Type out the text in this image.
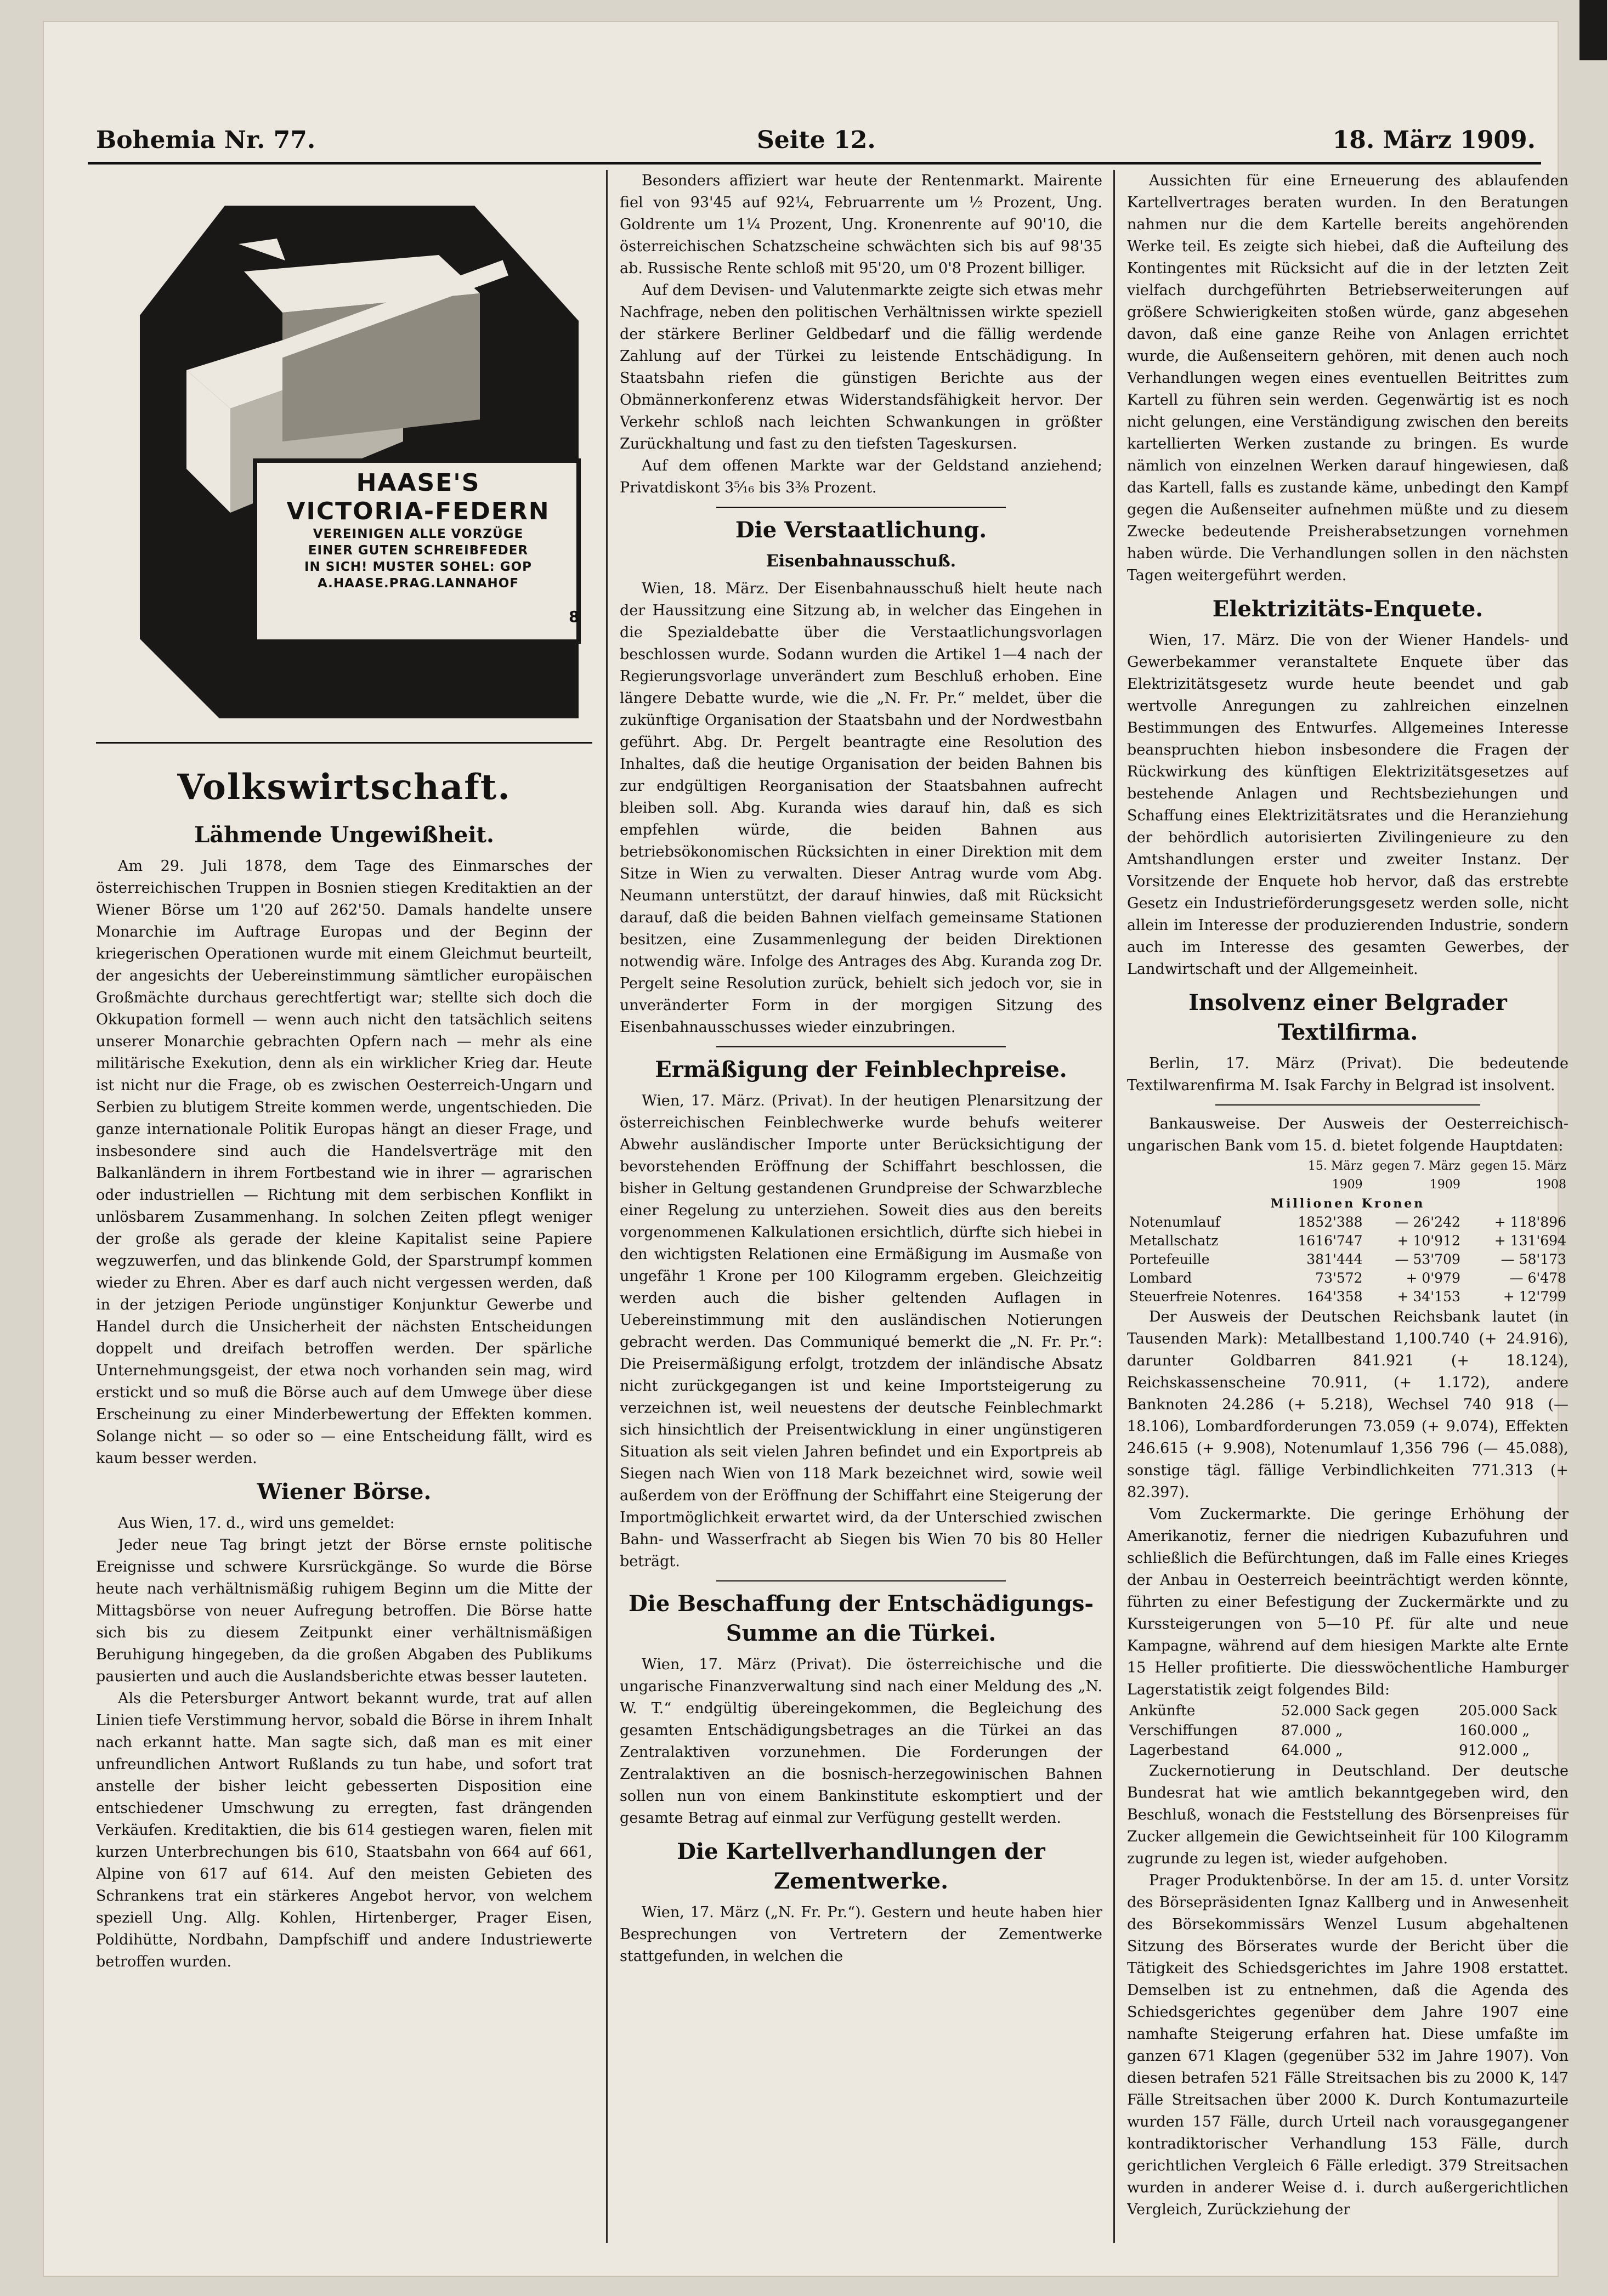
Bohemia Nr. 77.	Seite 12.	18. März 1909.
HAASE'S
VICTORIA-FEDERN
VEREINIGEN ALLE VORZÜGE
EINER GUTEN SCHREIBFEDER
IN SICH! MUSTER SOHEL: GOP
A.HAASE.PRAG.LANNAHOF
8
Volkswirtschaft.
Lähmende Ungewißheit.

Am 29. Juli 1878, dem Tage des Einmarsches der österreichischen Truppen in Bosnien stiegen Kreditaktien an der Wiener Börse um 1'20 auf 262'50. Damals handelte unsere Monarchie im Auftrage Europas und der Beginn der kriegerischen Operationen wurde mit einem Gleichmut beurteilt, der angesichts der Uebereinstimmung sämtlicher europäischen Großmächte durchaus gerechtfertigt war; stellte sich doch die Okkupation formell — wenn auch nicht den tatsächlich seitens unserer Monarchie gebrachten Opfern nach — mehr als eine militärische Exekution, denn als ein wirklicher Krieg dar. Heute ist nicht nur die Frage, ob es zwischen Oesterreich-Ungarn und Serbien zu blutigem Streite kommen werde, ungentschieden. Die ganze internationale Politik Europas hängt an dieser Frage, und insbesondere sind auch die Handelsverträge mit den Balkanländern in ihrem Fortbestand wie in ihrer — agrarischen oder industriellen — Richtung mit dem serbischen Konflikt in unlösbarem Zusammenhang. In solchen Zeiten pflegt weniger der große als gerade der kleine Kapitalist seine Papiere wegzuwerfen, und das blinkende Gold, der Sparstrumpf kommen wieder zu Ehren. Aber es darf auch nicht vergessen werden, daß in der jetzigen Periode ungünstiger Konjunktur Gewerbe und Handel durch die Unsicherheit der nächsten Entscheidungen doppelt und dreifach betroffen werden. Der spärliche Unternehmungsgeist, der etwa noch vorhanden sein mag, wird erstickt und so muß die Börse auch auf dem Umwege über diese Erscheinung zu einer Minderbewertung der Effekten kommen. Solange nicht — so oder so — eine Entscheidung fällt, wird es kaum besser werden.

Wiener Börse.

Aus Wien, 17. d., wird uns gemeldet:

Jeder neue Tag bringt jetzt der Börse ernste politische Ereignisse und schwere Kursrückgänge. So wurde die Börse heute nach verhältnismäßig ruhigem Beginn um die Mitte der Mittagsbörse von neuer Aufregung betroffen. Die Börse hatte sich bis zu diesem Zeitpunkt einer verhältnismäßigen Beruhigung hingegeben, da die großen Abgaben des Publikums pausierten und auch die Auslandsberichte etwas besser lauteten.

Als die Petersburger Antwort bekannt wurde, trat auf allen Linien tiefe Verstimmung hervor, sobald die Börse in ihrem Inhalt nach erkannt hatte. Man sagte sich, daß man es mit einer unfreundlichen Antwort Rußlands zu tun habe, und sofort trat anstelle der bisher leicht gebesserten Disposition eine entschiedener Umschwung zu erregten, fast drängenden Verkäufen. Kreditaktien, die bis 614 gestiegen waren, fielen mit kurzen Unterbrechungen bis 610, Staatsbahn von 664 auf 661, Alpine von 617 auf 614. Auf den meisten Gebieten des Schrankens trat ein stärkeres Angebot hervor, von welchem speziell Ung. Allg. Kohlen, Hirtenberger, Prager Eisen, Poldihütte, Nordbahn, Dampfschiff und andere Industriewerte betroffen wurden.

Besonders affiziert war heute der Rentenmarkt. Mairente fiel von 93'45 auf 92¼, Februarrente um ½ Prozent, Ung. Goldrente um 1¼ Prozent, Ung. Kronenrente auf 90'10, die österreichischen Schatzscheine schwächten sich bis auf 98'35 ab. Russische Rente schloß mit 95'20, um 0'8 Prozent billiger.

Auf dem Devisen- und Valutenmarkte zeigte sich etwas mehr Nachfrage, neben den politischen Verhältnissen wirkte speziell der stärkere Berliner Geldbedarf und die fällig werdende Zahlung auf der Türkei zu leistende Entschädigung. In Staatsbahn riefen die günstigen Berichte aus der Obmännerkonferenz etwas Widerstandsfähigkeit hervor. Der Verkehr schloß nach leichten Schwankungen in größter Zurückhaltung und fast zu den tiefsten Tageskursen.

Auf dem offenen Markte war der Geldstand anziehend; Privatdiskont 3⁵⁄₁₆ bis 3⅜ Prozent.

Die Verstaatlichung.
Eisenbahnausschuß.

Wien, 18. März. Der Eisenbahnausschuß hielt heute nach der Haussitzung eine Sitzung ab, in welcher das Eingehen in die Spezialdebatte über die Verstaatlichungsvorlagen beschlossen wurde. Sodann wurden die Artikel 1—4 nach der Regierungsvorlage unverändert zum Beschluß erhoben. Eine längere Debatte wurde, wie die „N. Fr. Pr.“ meldet, über die zukünftige Organisation der Staatsbahn und der Nordwestbahn geführt. Abg. Dr. Pergelt beantragte eine Resolution des Inhaltes, daß die heutige Organisation der beiden Bahnen bis zur endgültigen Reorganisation der Staatsbahnen aufrecht bleiben soll. Abg. Kuranda wies darauf hin, daß es sich empfehlen würde, die beiden Bahnen aus betriebsökonomischen Rücksichten in einer Direktion mit dem Sitze in Wien zu verwalten. Dieser Antrag wurde vom Abg. Neumann unterstützt, der darauf hinwies, daß mit Rücksicht darauf, daß die beiden Bahnen vielfach gemeinsame Stationen besitzen, eine Zusammenlegung der beiden Direktionen notwendig wäre. Infolge des Antrages des Abg. Kuranda zog Dr. Pergelt seine Resolution zurück, behielt sich jedoch vor, sie in unveränderter Form in der morgigen Sitzung des Eisenbahnausschusses wieder einzubringen.

Ermäßigung der Feinblechpreise.

Wien, 17. März. (Privat). In der heutigen Plenarsitzung der österreichischen Feinblechwerke wurde behufs weiterer Abwehr ausländischer Importe unter Berücksichtigung der bevorstehenden Eröffnung der Schiffahrt beschlossen, die bisher in Geltung gestandenen Grundpreise der Schwarzbleche einer Regelung zu unterziehen. Soweit dies aus den bereits vorgenommenen Kalkulationen ersichtlich, dürfte sich hiebei in den wichtigsten Relationen eine Ermäßigung im Ausmaße von ungefähr 1 Krone per 100 Kilogramm ergeben. Gleichzeitig werden auch die bisher geltenden Auflagen in Uebereinstimmung mit den ausländischen Notierungen gebracht werden. Das Communiqué bemerkt die „N. Fr. Pr.“: Die Preisermäßigung erfolgt, trotzdem der inländische Absatz nicht zurückgegangen ist und keine Importsteigerung zu verzeichnen ist, weil neuestens der deutsche Feinblechmarkt sich hinsichtlich der Preisentwicklung in einer ungünstigeren Situation als seit vielen Jahren befindet und ein Exportpreis ab Siegen nach Wien von 118 Mark bezeichnet wird, sowie weil außerdem von der Eröffnung der Schiffahrt eine Steigerung der Importmöglichkeit erwartet wird, da der Unterschied zwischen Bahn- und Wasserfracht ab Siegen bis Wien 70 bis 80 Heller beträgt.

Die Beschaffung der Entschädigungs-Summe an die Türkei.

Wien, 17. März (Privat). Die österreichische und die ungarische Finanzverwaltung sind nach einer Meldung des „N. W. T.“ endgültig übereingekommen, die Begleichung des gesamten Entschädigungsbetrages an die Türkei an das Zentralaktiven vorzunehmen. Die Forderungen der Zentralaktiven an die bosnisch-herzegowinischen Bahnen sollen nun von einem Bankinstitute eskomptiert und der gesamte Betrag auf einmal zur Verfügung gestellt werden.

Die Kartellverhandlungen der Zementwerke.

Wien, 17. März („N. Fr. Pr.“). Gestern und heute haben hier Besprechungen von Vertretern der Zementwerke stattgefunden, in welchen die

Aussichten für eine Erneuerung des ablaufenden Kartellvertrages beraten wurden. In den Beratungen nahmen nur die dem Kartelle bereits angehörenden Werke teil. Es zeigte sich hiebei, daß die Aufteilung des Kontingentes mit Rücksicht auf die in der letzten Zeit vielfach durchgeführten Betriebserweiterungen auf größere Schwierigkeiten stoßen würde, ganz abgesehen davon, daß eine ganze Reihe von Anlagen errichtet wurde, die Außenseitern gehören, mit denen auch noch Verhandlungen wegen eines eventuellen Beitrittes zum Kartell zu führen sein werden. Gegenwärtig ist es noch nicht gelungen, eine Verständigung zwischen den bereits kartellierten Werken zustande zu bringen. Es wurde nämlich von einzelnen Werken darauf hingewiesen, daß das Kartell, falls es zustande käme, unbedingt den Kampf gegen die Außenseiter aufnehmen müßte und zu diesem Zwecke bedeutende Preisherabsetzungen vornehmen haben würde. Die Verhandlungen sollen in den nächsten Tagen weitergeführt werden.

Elektrizitäts-Enquete.

Wien, 17. März. Die von der Wiener Handels- und Gewerbekammer veranstaltete Enquete über das Elektrizitätsgesetz wurde heute beendet und gab wertvolle Anregungen zu zahlreichen einzelnen Bestimmungen des Entwurfes. Allgemeines Interesse beanspruchten hiebon insbesondere die Fragen der Rückwirkung des künftigen Elektrizitätsgesetzes auf bestehende Anlagen und Rechtsbeziehungen und Schaffung eines Elektrizitätsrates und die Heranziehung der behördlich autorisierten Zivilingenieure zu den Amtshandlungen erster und zweiter Instanz. Der Vorsitzende der Enquete hob hervor, daß das erstrebte Gesetz ein Industrieförderungsgesetz werden solle, nicht allein im Interesse der produzierenden Industrie, sondern auch im Interesse des gesamten Gewerbes, der Landwirtschaft und der Allgemeinheit.

Insolvenz einer Belgrader Textilfirma.

Berlin, 17. März (Privat). Die bedeutende Textilwarenfirma M. Isak Farchy in Belgrad ist insolvent.

Bankausweise. Der Ausweis der Oesterreichisch-ungarischen Bank vom 15. d. bietet folgende Hauptdaten:

	15. März	gegen 7. März	gegen 15. März
	1909	1909	1908
Millionen Kronen			
Notenumlauf	1852'388	— 26'242	+ 118'896
Metallschatz	1616'747	+ 10'912	+ 131'694
Portefeuille	381'444	— 53'709	— 58'173
Lombard	73'572	+ 0'979	— 6'478
Steuerfreie Notenres.	164'358	+ 34'153	+ 12'799

Der Ausweis der Deutschen Reichsbank lautet (in Tausenden Mark): Metallbestand 1,100.740 (+ 24.916), darunter Goldbarren 841.921 (+ 18.124), Reichskassenscheine 70.911, (+ 1.172), andere Banknoten 24.286 (+ 5.218), Wechsel 740 918 (— 18.106), Lombardforderungen 73.059 (+ 9.074), Effekten 246.615 (+ 9.908), Notenumlauf 1,356 796 (— 45.088), sonstige tägl. fällige Verbindlichkeiten 771.313 (+ 82.397).

Vom Zuckermarkte. Die geringe Erhöhung der Amerikanotiz, ferner die niedrigen Kubazufuhren und schließlich die Befürchtungen, daß im Falle eines Krieges der Anbau in Oesterreich beeinträchtigt werden könnte, führten zu einer Befestigung der Zuckermärkte und zu Kurssteigerungen von 5—10 Pf. für alte und neue Kampagne, während auf dem hiesigen Markte alte Ernte 15 Heller profitierte. Die diesswöchentliche Hamburger Lagerstatistik zeigt folgendes Bild:

Ankünfte	52.000	Sack gegen	205.000	Sack
Verschiffungen	87.000	„	160.000	„
Lagerbestand	64.000	„	912.000	„

Zuckernotierung in Deutschland. Der deutsche Bundesrat hat wie amtlich bekanntgegeben wird, den Beschluß, wonach die Feststellung des Börsenpreises für Zucker allgemein die Gewichtseinheit für 100 Kilogramm zugrunde zu legen ist, wieder aufgehoben.

Prager Produktenbörse. In der am 15. d. unter Vorsitz des Börsepräsidenten Ignaz Kallberg und in Anwesenheit des Börsekommissärs Wenzel Lusum abgehaltenen Sitzung des Börserates wurde der Bericht über die Tätigkeit des Schiedsgerichtes im Jahre 1908 erstattet. Demselben ist zu entnehmen, daß die Agenda des Schiedsgerichtes gegenüber dem Jahre 1907 eine namhafte Steigerung erfahren hat. Diese umfaßte im ganzen 671 Klagen (gegenüber 532 im Jahre 1907). Von diesen betrafen 521 Fälle Streitsachen bis zu 2000 K, 147 Fälle Streitsachen über 2000 K. Durch Kontumazurteile wurden 157 Fälle, durch Urteil nach vorausgegangener kontradiktorischer Verhandlung 153 Fälle, durch gerichtlichen Vergleich 6 Fälle erledigt. 379 Streitsachen wurden in anderer Weise d. i. durch außergerichtlichen Vergleich, Zurückziehung der
